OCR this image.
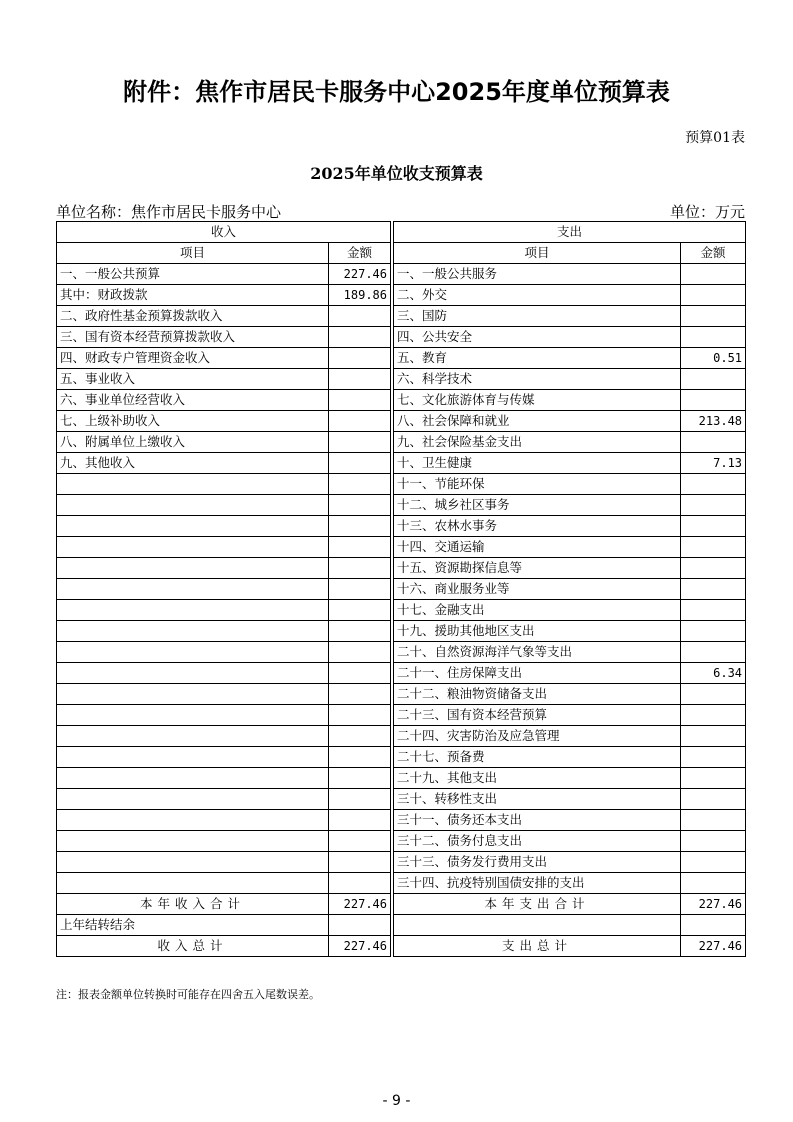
附件：焦作市居民卡服务中心2025年度单位预算表
预算01表
2025年单位收支预算表
单位名称：焦作市居民卡服务中心	单位：万元
收入			支出	
项目	金额		项目	金额
一、一般公共预算	227.46		一、一般公共服务	
其中：财政拨款	189.86		二、外交	
二、政府性基金预算拨款收入			三、国防	
三、国有资本经营预算拨款收入			四、公共安全	
四、财政专户管理资金收入			五、教育	0.51
五、事业收入			六、科学技术	
六、事业单位经营收入			七、文化旅游体育与传媒	
七、上级补助收入			八、社会保障和就业	213.48
八、附属单位上缴收入			九、社会保险基金支出	
九、其他收入			十、卫生健康	7.13
			十一、节能环保	
			十二、城乡社区事务	
			十三、农林水事务	
			十四、交通运输	
			十五、资源勘探信息等	
			十六、商业服务业等	
			十七、金融支出	
			十九、援助其他地区支出	
			二十、自然资源海洋气象等支出	
			二十一、住房保障支出	6.34
			二十二、粮油物资储备支出	
			二十三、国有资本经营预算	
			二十四、灾害防治及应急管理	
			二十七、预备费	
			二十九、其他支出	
			三十、转移性支出	
			三十一、债务还本支出	
			三十二、债务付息支出	
			三十三、债务发行费用支出	
			三十四、抗疫特别国债安排的支出	
本年收入合计	227.46		本年支出合计	227.46
上年结转结余				
收入总计	227.46		支出总计	227.46
注：报表金额单位转换时可能存在四舍五入尾数误差。
- 9 -
